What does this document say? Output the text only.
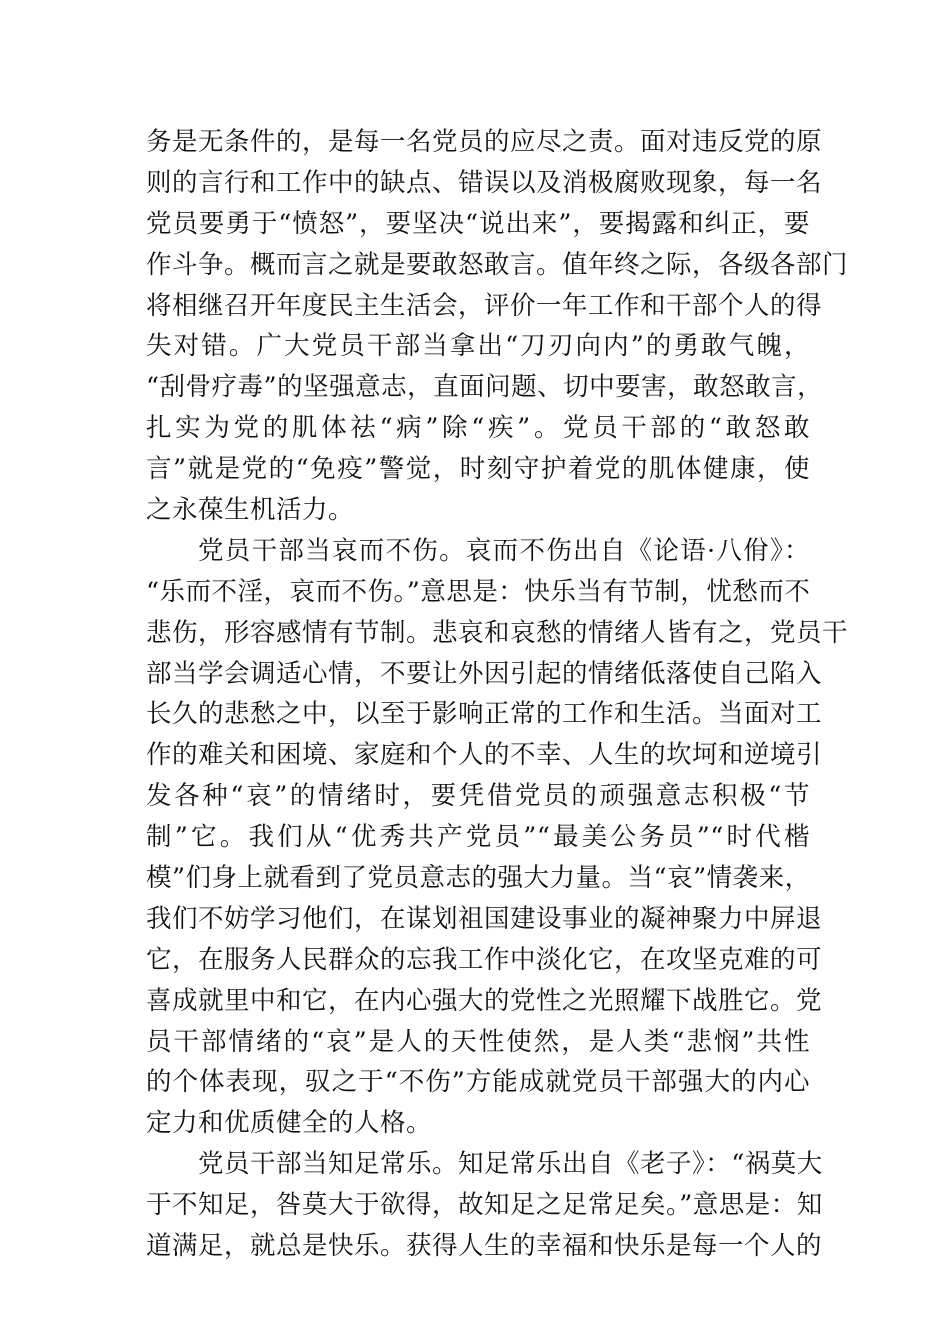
务是无条件的，是每一名党员的应尽之责。面对违反党的原
则的言行和工作中的缺点、错误以及消极腐败现象，每一名
党员要勇于“愤怒”，要坚决“说出来”，要揭露和纠正，要
作斗争。概而言之就是要敢怒敢言。值年终之际，各级各部门
将相继召开年度民主生活会，评价一年工作和干部个人的得
失对错。广大党员干部当拿出“刀刃向内”的勇敢气魄，
“刮骨疗毒”的坚强意志，直面问题、切中要害，敢怒敢言，
扎实为党的肌体祛“病”除“疾”。党员干部的“敢怒敢
言”就是党的“免疫”警觉，时刻守护着党的肌体健康，使
之永葆生机活力。
党员干部当哀而不伤。哀而不伤出自《论语·八佾》：
“乐而不淫，哀而不伤。”意思是：快乐当有节制，忧愁而不
悲伤，形容感情有节制。悲哀和哀愁的情绪人皆有之，党员干
部当学会调适心情，不要让外因引起的情绪低落使自己陷入
长久的悲愁之中，以至于影响正常的工作和生活。当面对工
作的难关和困境、家庭和个人的不幸、人生的坎坷和逆境引
发各种“哀”的情绪时，要凭借党员的顽强意志积极“节
制”它。我们从“优秀共产党员”“最美公务员”“时代楷
模”们身上就看到了党员意志的强大力量。当“哀”情袭来，
我们不妨学习他们，在谋划祖国建设事业的凝神聚力中屏退
它，在服务人民群众的忘我工作中淡化它，在攻坚克难的可
喜成就里中和它，在内心强大的党性之光照耀下战胜它。党
员干部情绪的“哀”是人的天性使然，是人类“悲悯”共性
的个体表现，驭之于“不伤”方能成就党员干部强大的内心
定力和优质健全的人格。
党员干部当知足常乐。知足常乐出自《老子》：“祸莫大
于不知足，咎莫大于欲得，故知足之足常足矣。”意思是：知
道满足，就总是快乐。获得人生的幸福和快乐是每一个人的
